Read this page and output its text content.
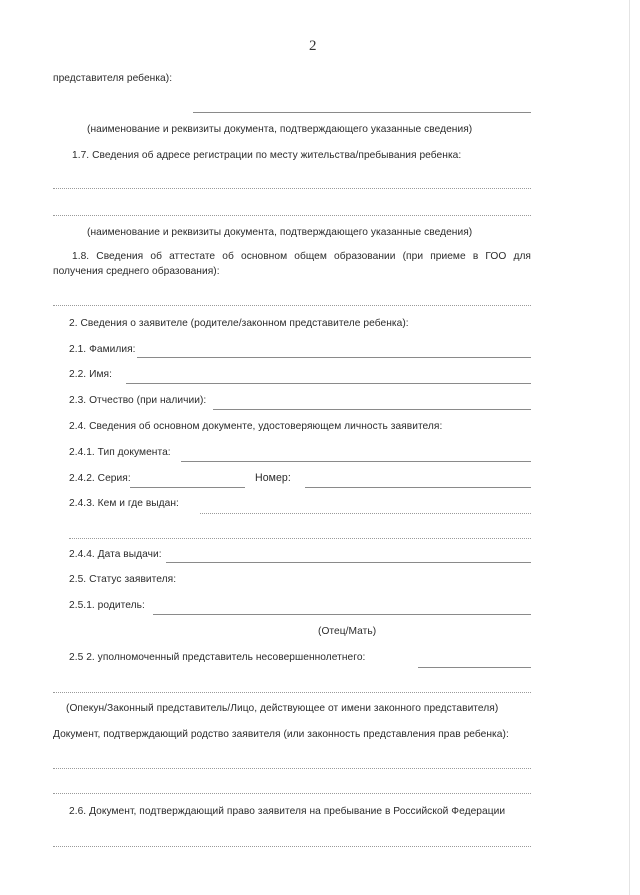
2
представителя ребенка):
(наименование и реквизиты документа, подтверждающего указанные сведения)
1.7. Сведения об адресе регистрации по месту жительства/пребывания ребенка:
(наименование и реквизиты документа, подтверждающего указанные сведения)
1.8. Сведения об аттестате об основном общем образовании (при приеме в ГОО для
получения среднего образования):
2. Сведения о заявителе (родителе/законном представителе ребенка):
2.1. Фамилия:
2.2. Имя:
2.3. Отчество (при наличии):
2.4. Сведения об основном документе, удостоверяющем личность заявителя:
2.4.1. Тип документа:
2.4.2. Серия:	Номер:
2.4.3. Кем и где выдан:
2.4.4. Дата выдачи:
2.5. Статус заявителя:
2.5.1. родитель:
(Отец/Мать)
2.5 2. уполномоченный представитель несовершеннолетнего:
(Опекун/Законный представитель/Лицо, действующее от имени законного представителя)
Документ, подтверждающий родство заявителя (или законность представления прав ребенка):
2.6. Документ, подтверждающий право заявителя на пребывание в Российской Федерации
